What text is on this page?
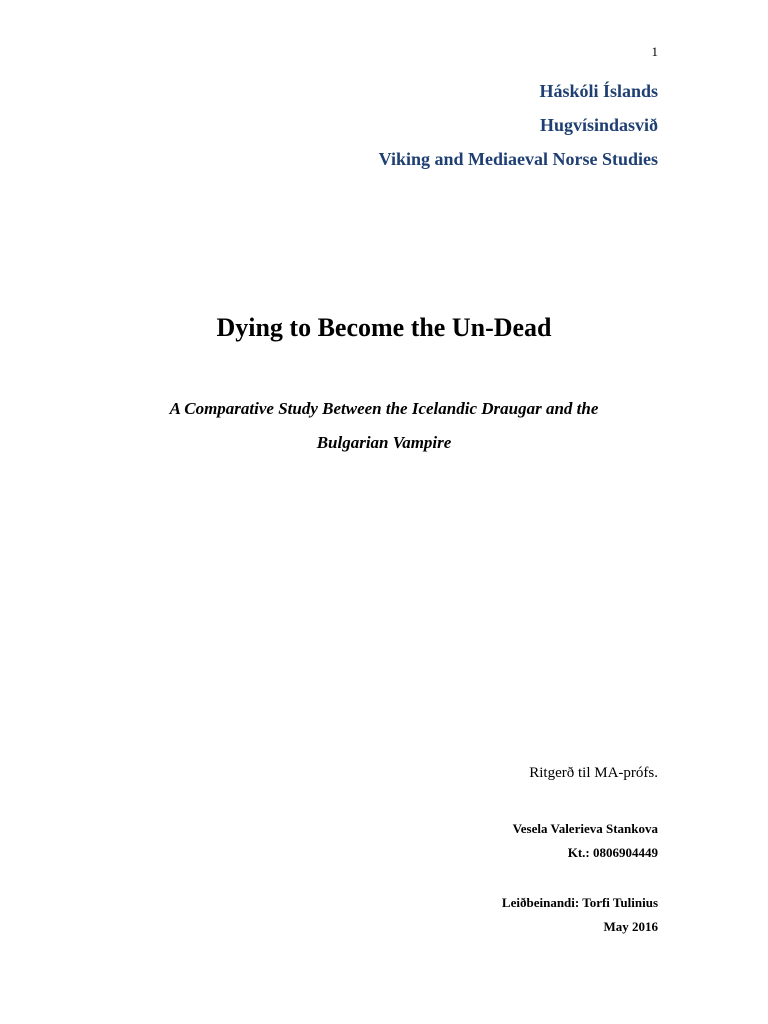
1
Háskóli Íslands
Hugvísindasvið
Viking and Mediaeval Norse Studies
Dying to Become the Un-Dead
A Comparative Study Between the Icelandic Draugar and the
Bulgarian Vampire
Ritgerð til MA-prófs.
Vesela Valerieva Stankova
Kt.: 0806904449
Leiðbeinandi: Torfi Tulinius
May 2016
